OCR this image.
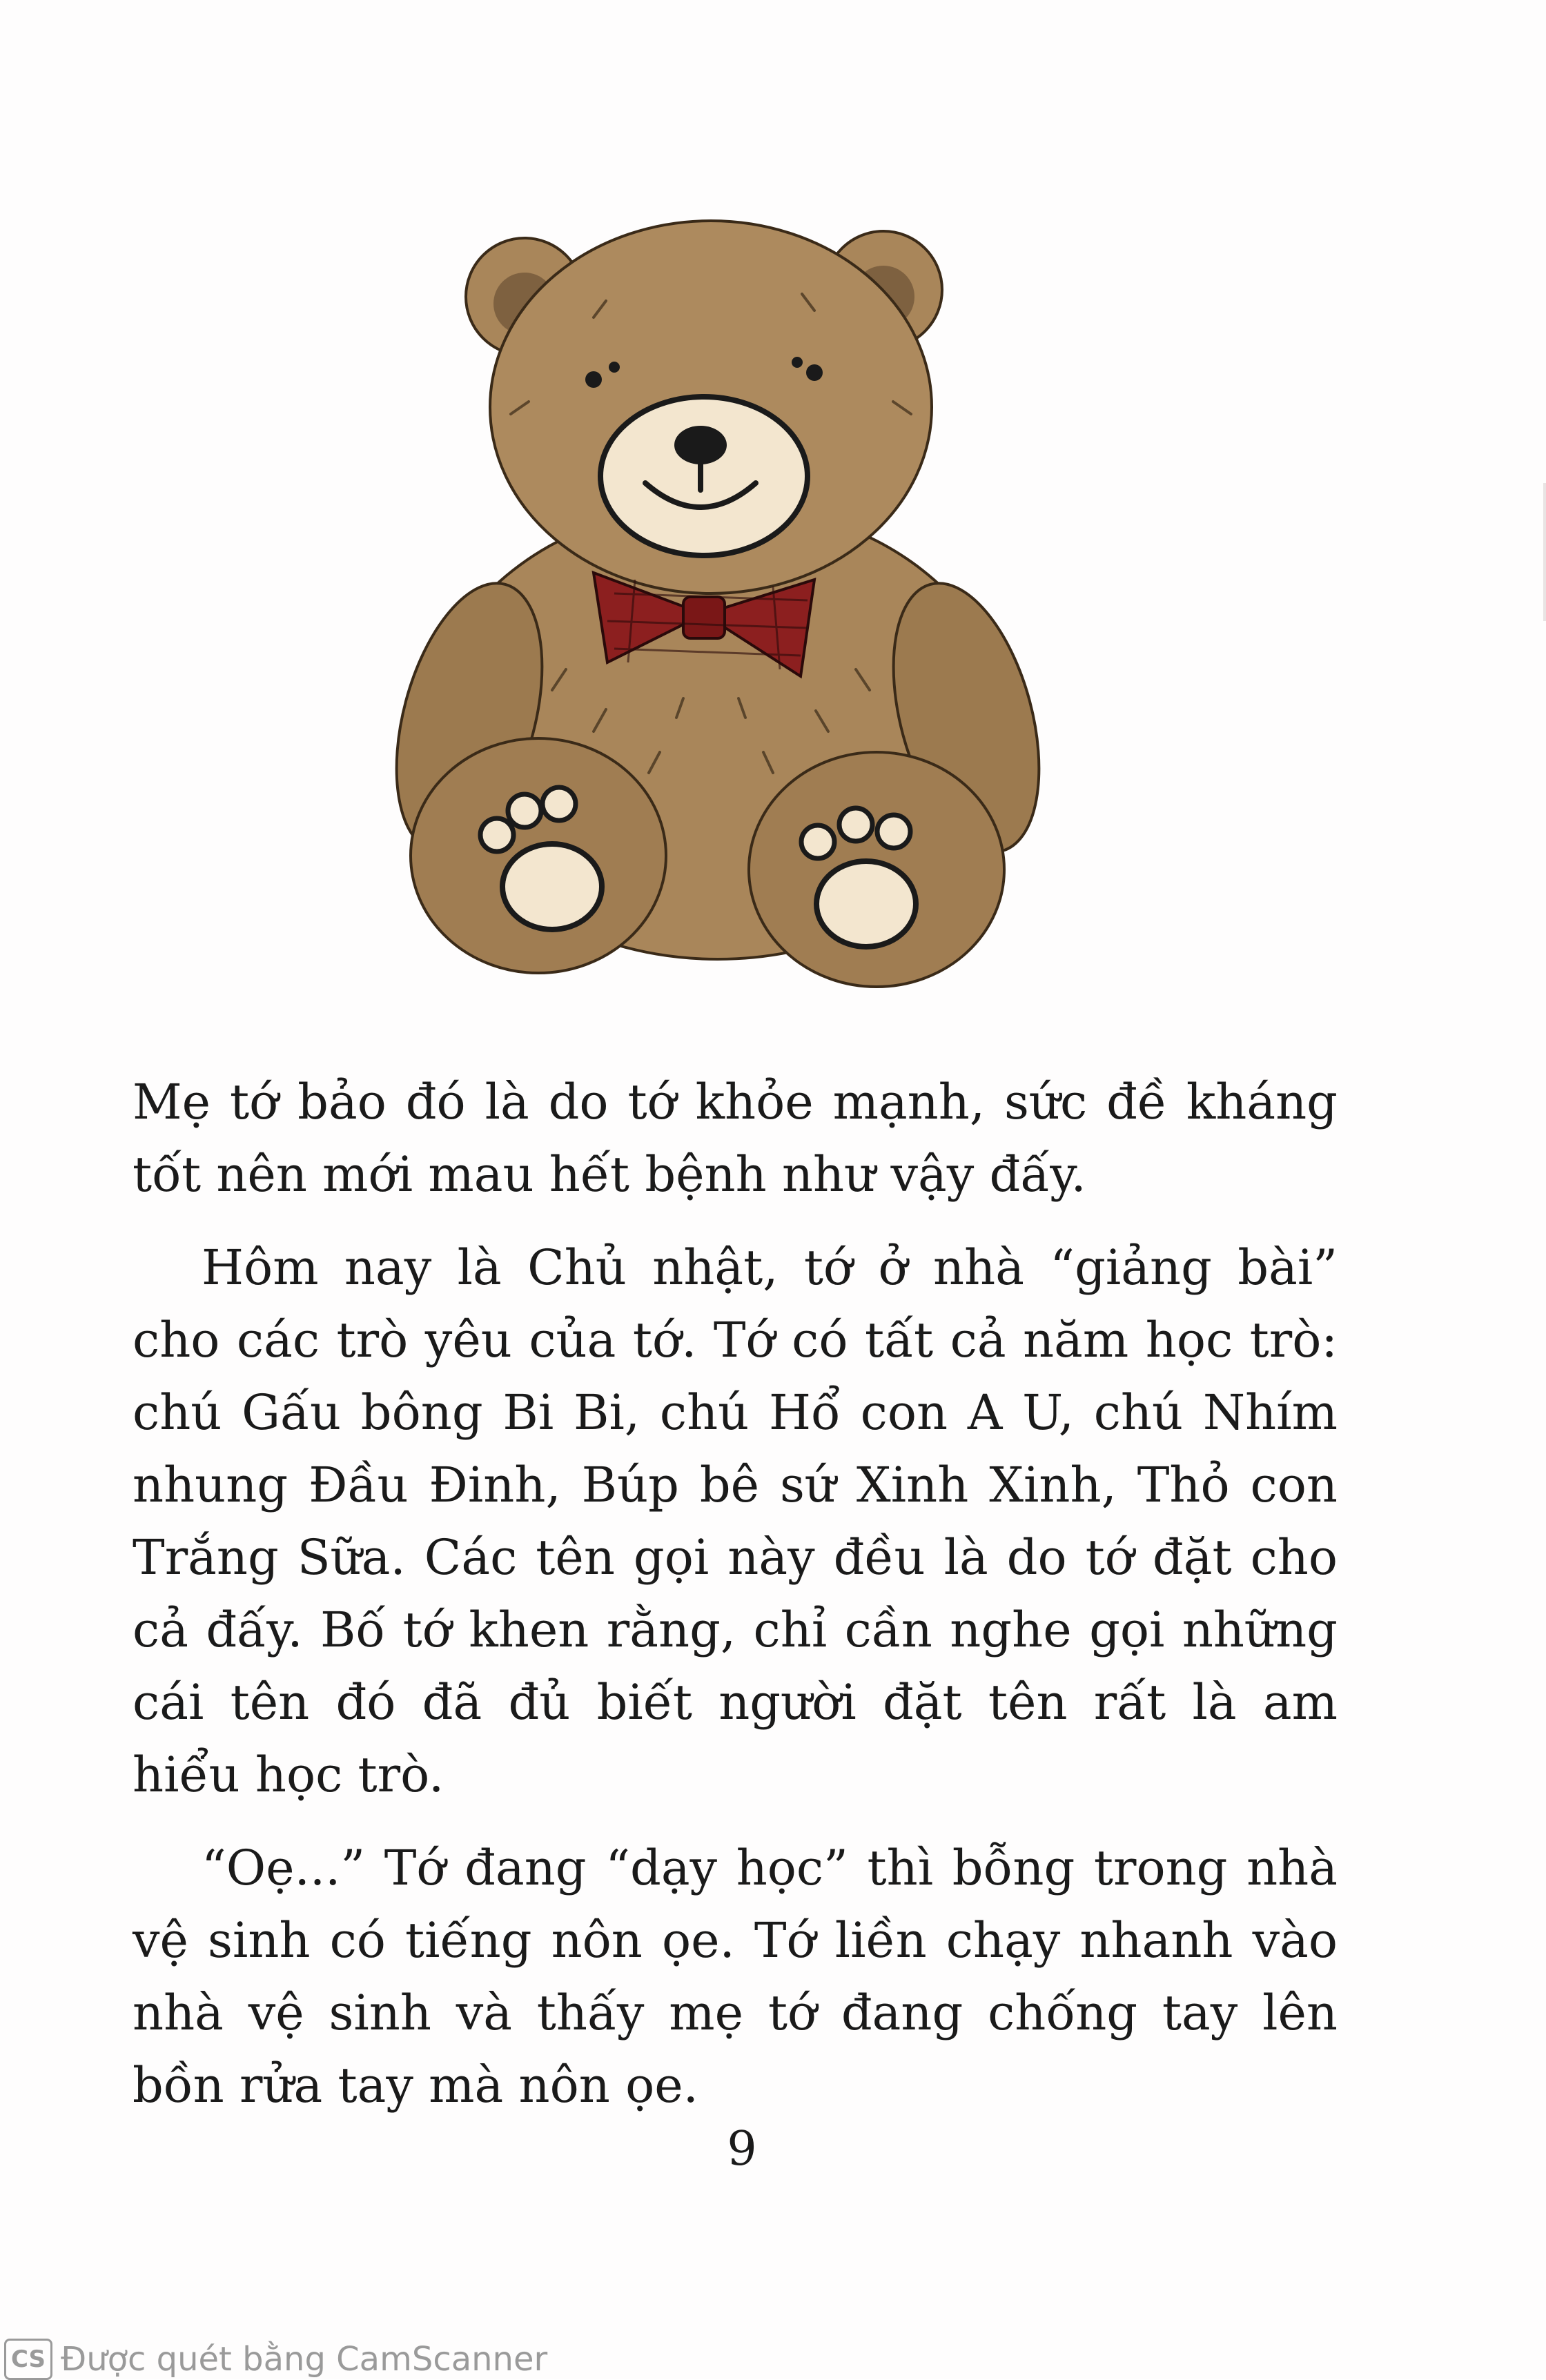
Mẹ tớ bảo đó là do tớ khỏe mạnh, sức đề kháng tốt nên mới mau hết bệnh như vậy đấy.

Hôm nay là Chủ nhật, tớ ở nhà “giảng bài” cho các trò yêu của tớ. Tớ có tất cả năm học trò: chú Gấu bông Bi Bi, chú Hổ con A U, chú Nhím nhung Đầu Đinh, Búp bê sứ Xinh Xinh, Thỏ con Trắng Sữa. Các tên gọi này đều là do tớ đặt cho cả đấy. Bố tớ khen rằng, chỉ cần nghe gọi những cái tên đó đã đủ biết người đặt tên rất là am hiểu học trò.

“Oẹ...” Tớ đang “dạy học” thì bỗng trong nhà vệ sinh có tiếng nôn ọe. Tớ liền chạy nhanh vào nhà vệ sinh và thấy mẹ tớ đang chống tay lên bồn rửa tay mà nôn ọe.

9
CS Được quét bằng CamScanner
